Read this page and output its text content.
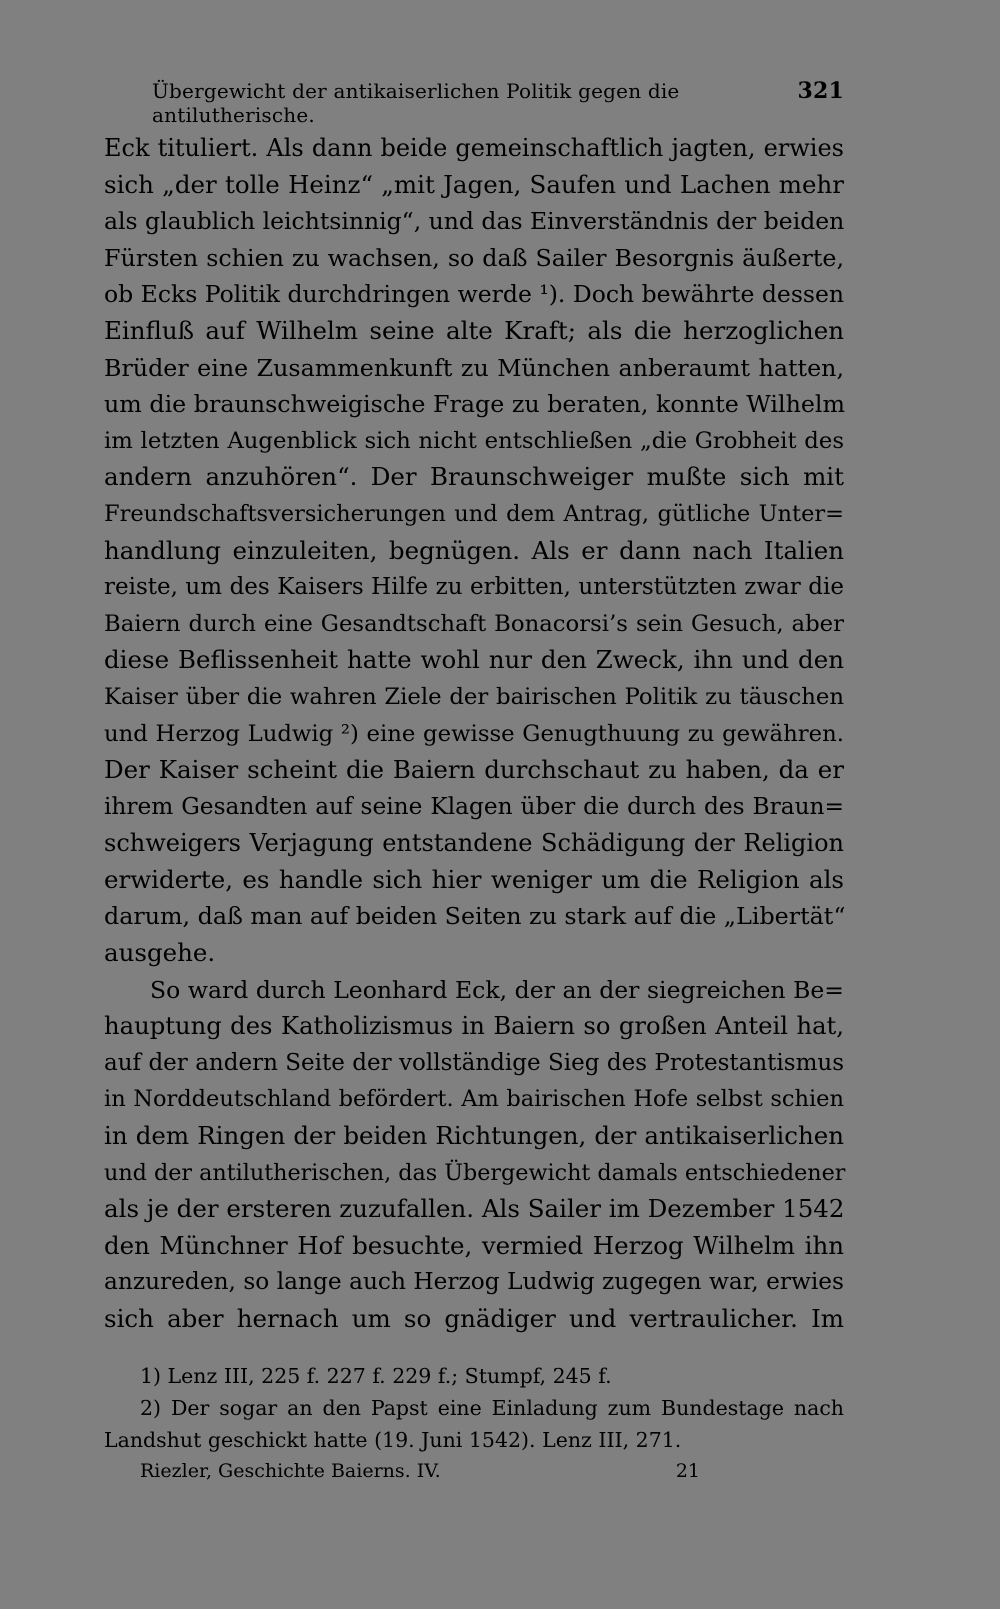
Übergewicht der antikaiserlichen Politik gegen die antilutherische.
321
Eck tituliert. Als dann beide gemeinschaftlich jagten, erwies
sich „der tolle Heinz“ „mit Jagen, Saufen und Lachen mehr
als glaublich leichtsinnig“, und das Einverständnis der beiden
Fürsten schien zu wachsen, so daß Sailer Besorgnis äußerte,
ob Ecks Politik durchdringen werde ¹). Doch bewährte dessen
Einfluß auf Wilhelm seine alte Kraft; als die herzoglichen
Brüder eine Zusammenkunft zu München anberaumt hatten,
um die braunschweigische Frage zu beraten, konnte Wilhelm
im letzten Augenblick sich nicht entschließen „die Grobheit des
andern anzuhören“. Der Braunschweiger mußte sich mit
Freundschaftsversicherungen und dem Antrag, gütliche Unter=
handlung einzuleiten, begnügen. Als er dann nach Italien
reiste, um des Kaisers Hilfe zu erbitten, unterstützten zwar die
Baiern durch eine Gesandtschaft Bonacorsi’s sein Gesuch, aber
diese Beflissenheit hatte wohl nur den Zweck, ihn und den
Kaiser über die wahren Ziele der bairischen Politik zu täuschen
und Herzog Ludwig ²) eine gewisse Genugthuung zu gewähren.
Der Kaiser scheint die Baiern durchschaut zu haben, da er
ihrem Gesandten auf seine Klagen über die durch des Braun=
schweigers Verjagung entstandene Schädigung der Religion
erwiderte, es handle sich hier weniger um die Religion als
darum, daß man auf beiden Seiten zu stark auf die „Libertät“
ausgehe.
So ward durch Leonhard Eck, der an der siegreichen Be=
hauptung des Katholizismus in Baiern so großen Anteil hat,
auf der andern Seite der vollständige Sieg des Protestantismus
in Norddeutschland befördert. Am bairischen Hofe selbst schien
in dem Ringen der beiden Richtungen, der antikaiserlichen
und der antilutherischen, das Übergewicht damals entschiedener
als je der ersteren zuzufallen. Als Sailer im Dezember 1542
den Münchner Hof besuchte, vermied Herzog Wilhelm ihn
anzureden, so lange auch Herzog Ludwig zugegen war, erwies
sich aber hernach um so gnädiger und vertraulicher. Im
1) Lenz III, 225 f. 227 f. 229 f.; Stumpf, 245 f.
2) Der sogar an den Papst eine Einladung zum Bundestage nach
Landshut geschickt hatte (19. Juni 1542). Lenz III, 271.
Riezler, Geschichte Baierns. IV.	21
